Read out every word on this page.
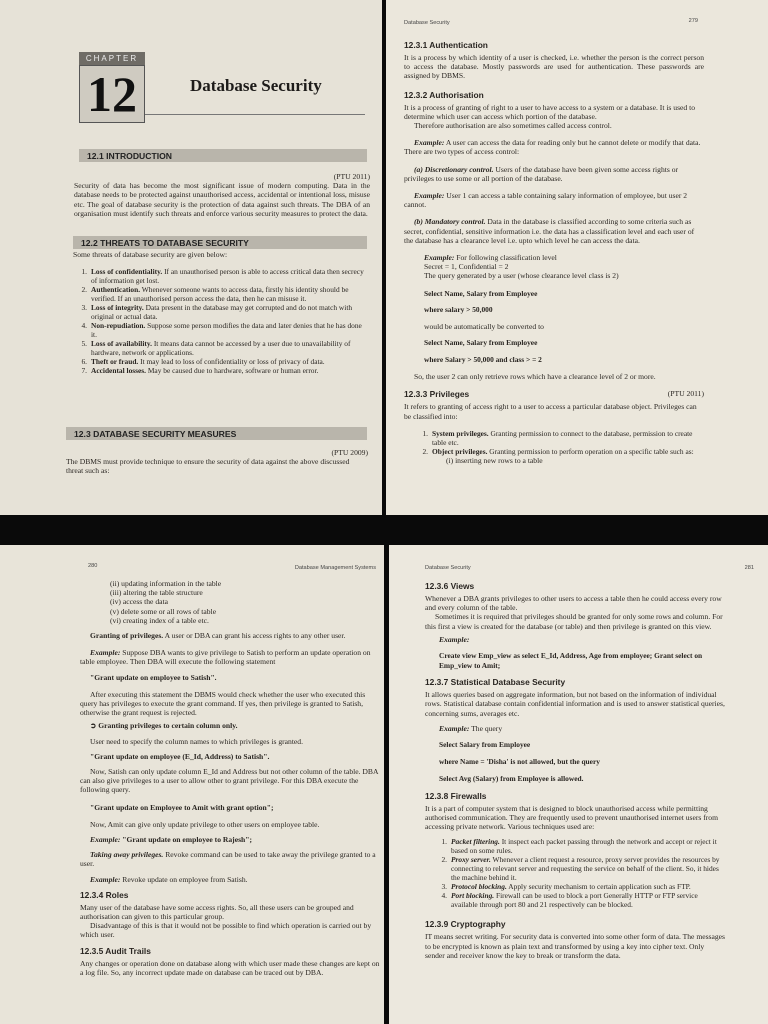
CHAPTER
12	Database Security
12.1 INTRODUCTION

(PTU 2011)

Security of data has become the most significant issue of modern computing. Data in the database needs to be protected against unauthorised access, accidental or intentional loss, misuse etc. The goal of database security is the protection of data against such threats. The DBA of an organisation must identify such threats and enforce various security measures to protect the data.

12.2 THREATS TO DATABASE SECURITY

Some threats of database security are given below:

1. Loss of confidentiality. If an unauthorised person is able to access critical data then secrecy of information get lost.
2. Authentication. Whenever someone wants to access data, firstly his identity should be verified. If an unauthorised person access the data, then he can misuse it.
3. Loss of integrity. Data present in the database may get corrupted and do not match with original or actual data.
4. Non-repudiation. Suppose some person modifies the data and later denies that he has done it.
5. Loss of availability. It means data cannot be accessed by a user due to unavailability of hardware, network or applications.
6. Theft or fraud. It may lead to loss of confidentiality or loss of privacy of data.
7. Accidental losses. May be caused due to hardware, software or human error.
12.3 DATABASE SECURITY MEASURES

(PTU 2009)

The DBMS must provide technique to ensure the security of data against the above discussed threat such as:

Database Security	279

12.3.1 Authentication

It is a process by which identity of a user is checked, i.e. whether the person is the correct person to access the database. Mostly passwords are used for authentication. These passwords are assigned by DBMS.

12.3.2 Authorisation

It is a process of granting of right to a user to have access to a system or a database. It is used to determine which user can access which portion of the database.

Therefore authorisation are also sometimes called access control.

Example: A user can access the data for reading only but he cannot delete or modify that data. There are two types of access control:

(a) Discretionary control. Users of the database have been given some access rights or privileges to use some or all portion of the database.

Example: User 1 can access a table containing salary information of employee, but user 2 cannot.

(b) Mandatory control. Data in the database is classified according to some criteria such as secret, confidential, sensitive information i.e. the data has a classification level and each user of the database has a clearance level i.e. upto which level he can access the data.

Example: For following classification level

Secret = 1, Confidential = 2

The query generated by a user (whose clearance level class is 2)

Select Name, Salary from Employee

where salary > 50,000

would be automatically be converted to

Select Name, Salary from Employee

where Salary > 50,000 and class > = 2

So, the user 2 can only retrieve rows which have a clearance level of 2 or more.

12.3.3 Privileges	(PTU 2011)

It refers to granting of access right to a user to access a particular database object. Privileges can be classified into:

1. System privileges. Granting permission to connect to the database, permission to create table etc.
2. Object privileges. Granting permission to perform operation on a specific table such as:

(i) inserting new rows to a table

280	Database Management Systems
(ii) updating information in the table
(iii) altering the table structure
(iv) access the data
(v) delete some or all rows of table
(vi) creating index of a table etc.

Granting of privileges. A user or DBA can grant his access rights to any other user.

Example: Suppose DBA wants to give privilege to Satish to perform an update operation on table employee. Then DBA will execute the following statement

"Grant update on employee to Satish".

After executing this statement the DBMS would check whether the user who executed this query has privileges to execute the grant command. If yes, then privilege is granted to Satish, otherwise the grant request is rejected.

➲ Granting privileges to certain column only.

User need to specify the column names to which privileges is granted.

"Grant update on employee (E_Id, Address) to Satish".

Now, Satish can only update column E_Id and Address but not other column of the table. DBA can also give privileges to a user to allow other to grant privilege. For this DBA execute the following query.

"Grant update on Employee to Amit with grant option";

Now, Amit can give only update privilege to other users on employee table.

Example: "Grant update on employee to Rajesh";

Taking away privileges. Revoke command can be used to take away the privilege granted to a user.

Example: Revoke update on employee from Satish.

12.3.4 Roles

Many user of the database have some access rights. So, all these users can be grouped and authorisation can given to this particular group.

Disadvantage of this is that it would not be possible to find which operation is carried out by which user.

12.3.5 Audit Trails

Any changes or operation done on database along with which user made these changes are kept on a log file. So, any incorrect update made on database can be traced out by DBA.

Database Security	281

12.3.6 Views

Whenever a DBA grants privileges to other users to access a table then he could access every row and every column of the table.

Sometimes it is required that privileges should be granted for only some rows and column. For this first a view is created for the database (or table) and then privilege is granted on this view.

Example:

Create view Emp_view as select E_Id, Address, Age from employee; Grant select on Emp_view to Amit;

12.3.7 Statistical Database Security

It allows queries based on aggregate information, but not based on the information of individual rows. Statistical database contain confidential information and is used to answer statistical queries, concerning sums, averages etc.

Example: The query

Select Salary from Employee

where Name = 'Disha' is not allowed, but the query

Select Avg (Salary) from Employee is allowed.

12.3.8 Firewalls

It is a part of computer system that is designed to block unauthorised access while permitting authorised communication. They are frequently used to prevent unauthorised internet users from accessing private network. Various techniques used are:

1. Packet filtering. It inspect each packet passing through the network and accept or reject it based on some rules.
2. Proxy server. Whenever a client request a resource, proxy server provides the resources by connecting to relevant server and requesting the service on behalf of the client. So, it hides the machine behind it.
3. Protocol blocking. Apply security mechanism to certain application such as FTP.
4. Port blocking. Firewall can be used to block a port Generally HTTP or FTP service available through port 80 and 21 respectively can be blocked.

12.3.9 Cryptography

IT means secret writing. For security data is converted into some other form of data. The messages to be encrypted is known as plain text and transformed by using a key into cipher text. Only sender and receiver know the key to break or transform the data.
